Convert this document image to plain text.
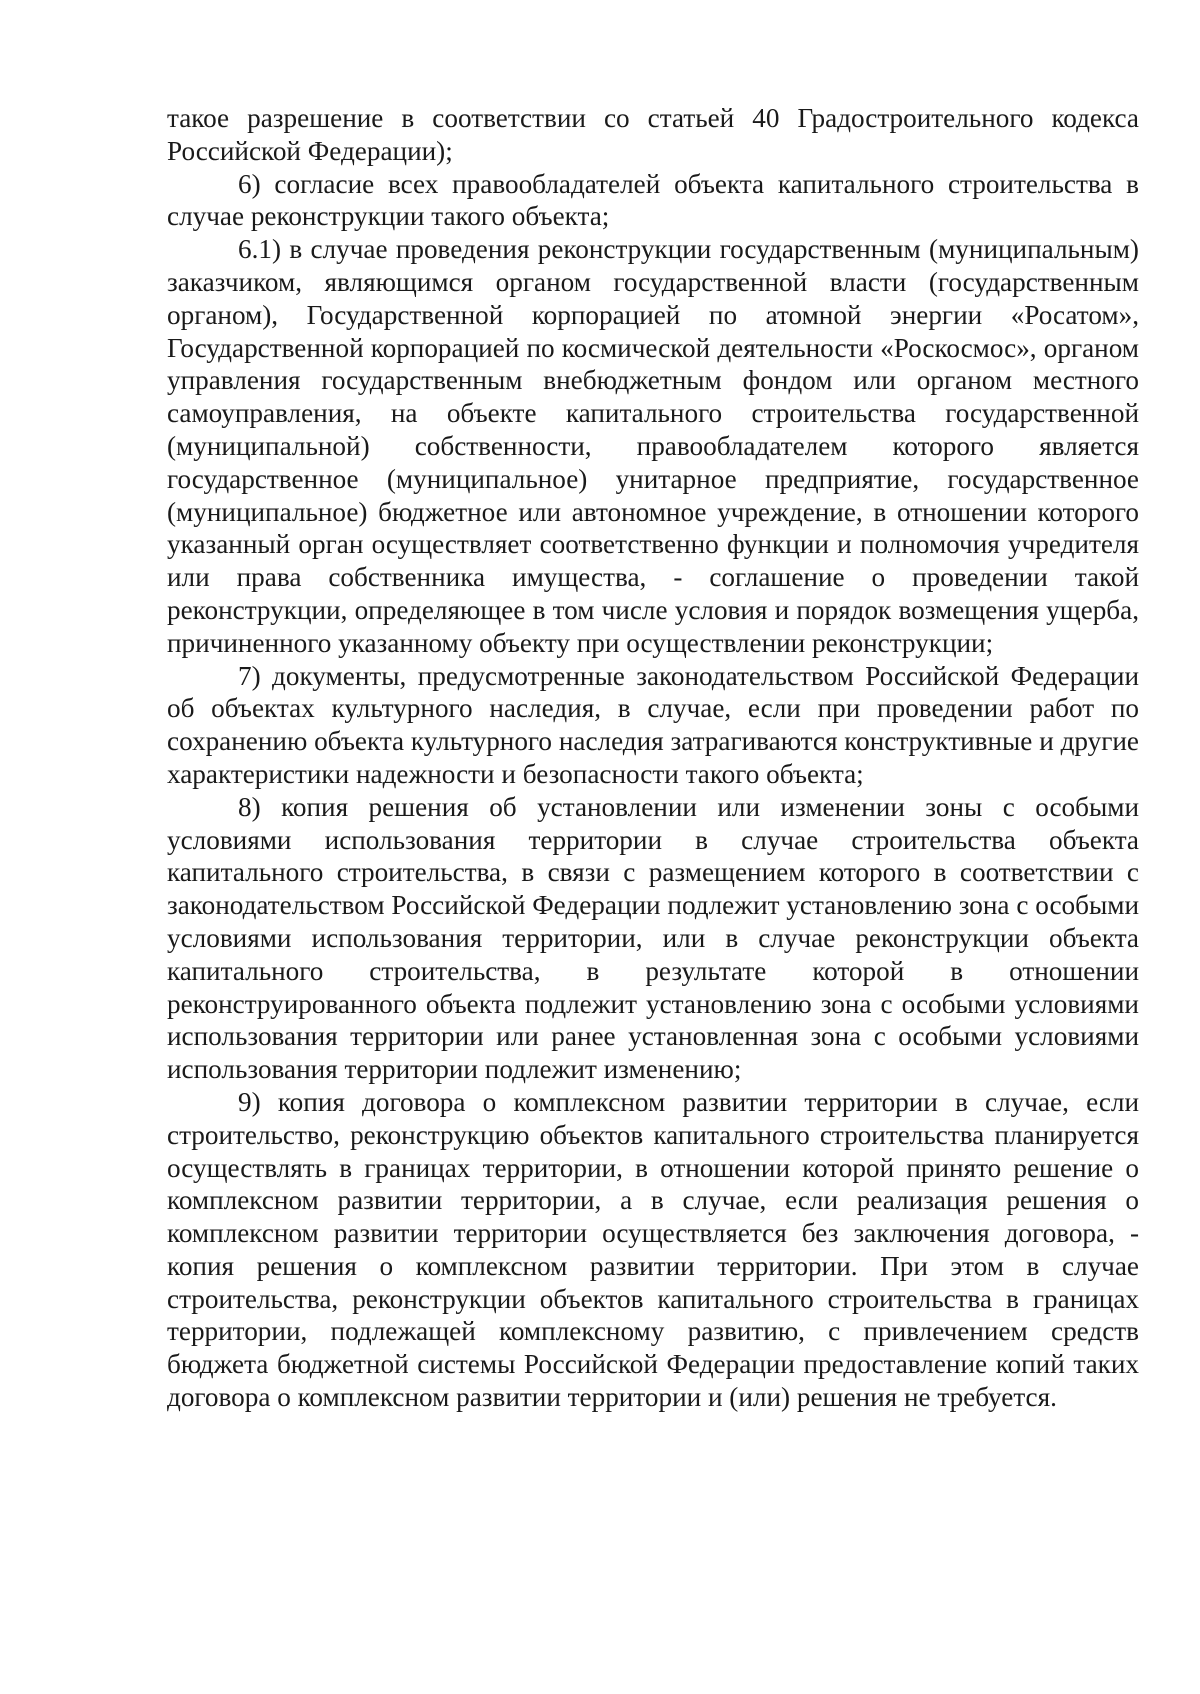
такое разрешение в соответствии со статьей 40 Градостроительного кодекса Российской Федерации);

6) согласие всех правообладателей объекта капитального строительства в случае реконструкции такого объекта;

6.1) в случае проведения реконструкции государственным (муниципальным) заказчиком, являющимся органом государственной власти (государственным органом), Государственной корпорацией по атомной энергии «Росатом», Государственной корпорацией по космической деятельности «Роскосмос», органом управления государственным внебюджетным фондом или органом местного самоуправления, на объекте капитального строительства государственной (муниципальной) собственности, правообладателем которого является государственное (муниципальное) унитарное предприятие, государственное (муниципальное) бюджетное или автономное учреждение, в отношении которого указанный орган осуществляет соответственно функции и полномочия учредителя или права собственника имущества, - соглашение о проведении такой реконструкции, определяющее в том числе условия и порядок возмещения ущерба, причиненного указанному объекту при осуществлении реконструкции;

7) документы, предусмотренные законодательством Российской Федерации об объектах культурного наследия, в случае, если при проведении работ по сохранению объекта культурного наследия затрагиваются конструктивные и другие характеристики надежности и безопасности такого объекта;

8) копия решения об установлении или изменении зоны с особыми условиями использования территории в случае строительства объекта капитального строительства, в связи с размещением которого в соответствии с законодательством Российской Федерации подлежит установлению зона с особыми условиями использования территории, или в случае реконструкции объекта капитального строительства, в результате которой в отношении реконструированного объекта подлежит установлению зона с особыми условиями использования территории или ранее установленная зона с особыми условиями использования территории подлежит изменению;

9) копия договора о комплексном развитии территории в случае, если строительство, реконструкцию объектов капитального строительства планируется осуществлять в границах территории, в отношении которой принято решение о комплексном развитии территории, а в случае, если реализация решения о комплексном развитии территории осуществляется без заключения договора, - копия решения о комплексном развитии территории. При этом в случае строительства, реконструкции объектов капитального строительства в границах территории, подлежащей комплексному развитию, с привлечением средств бюджета бюджетной системы Российской Федерации предоставление копий таких договора о комплексном развитии территории и (или) решения не требуется.
